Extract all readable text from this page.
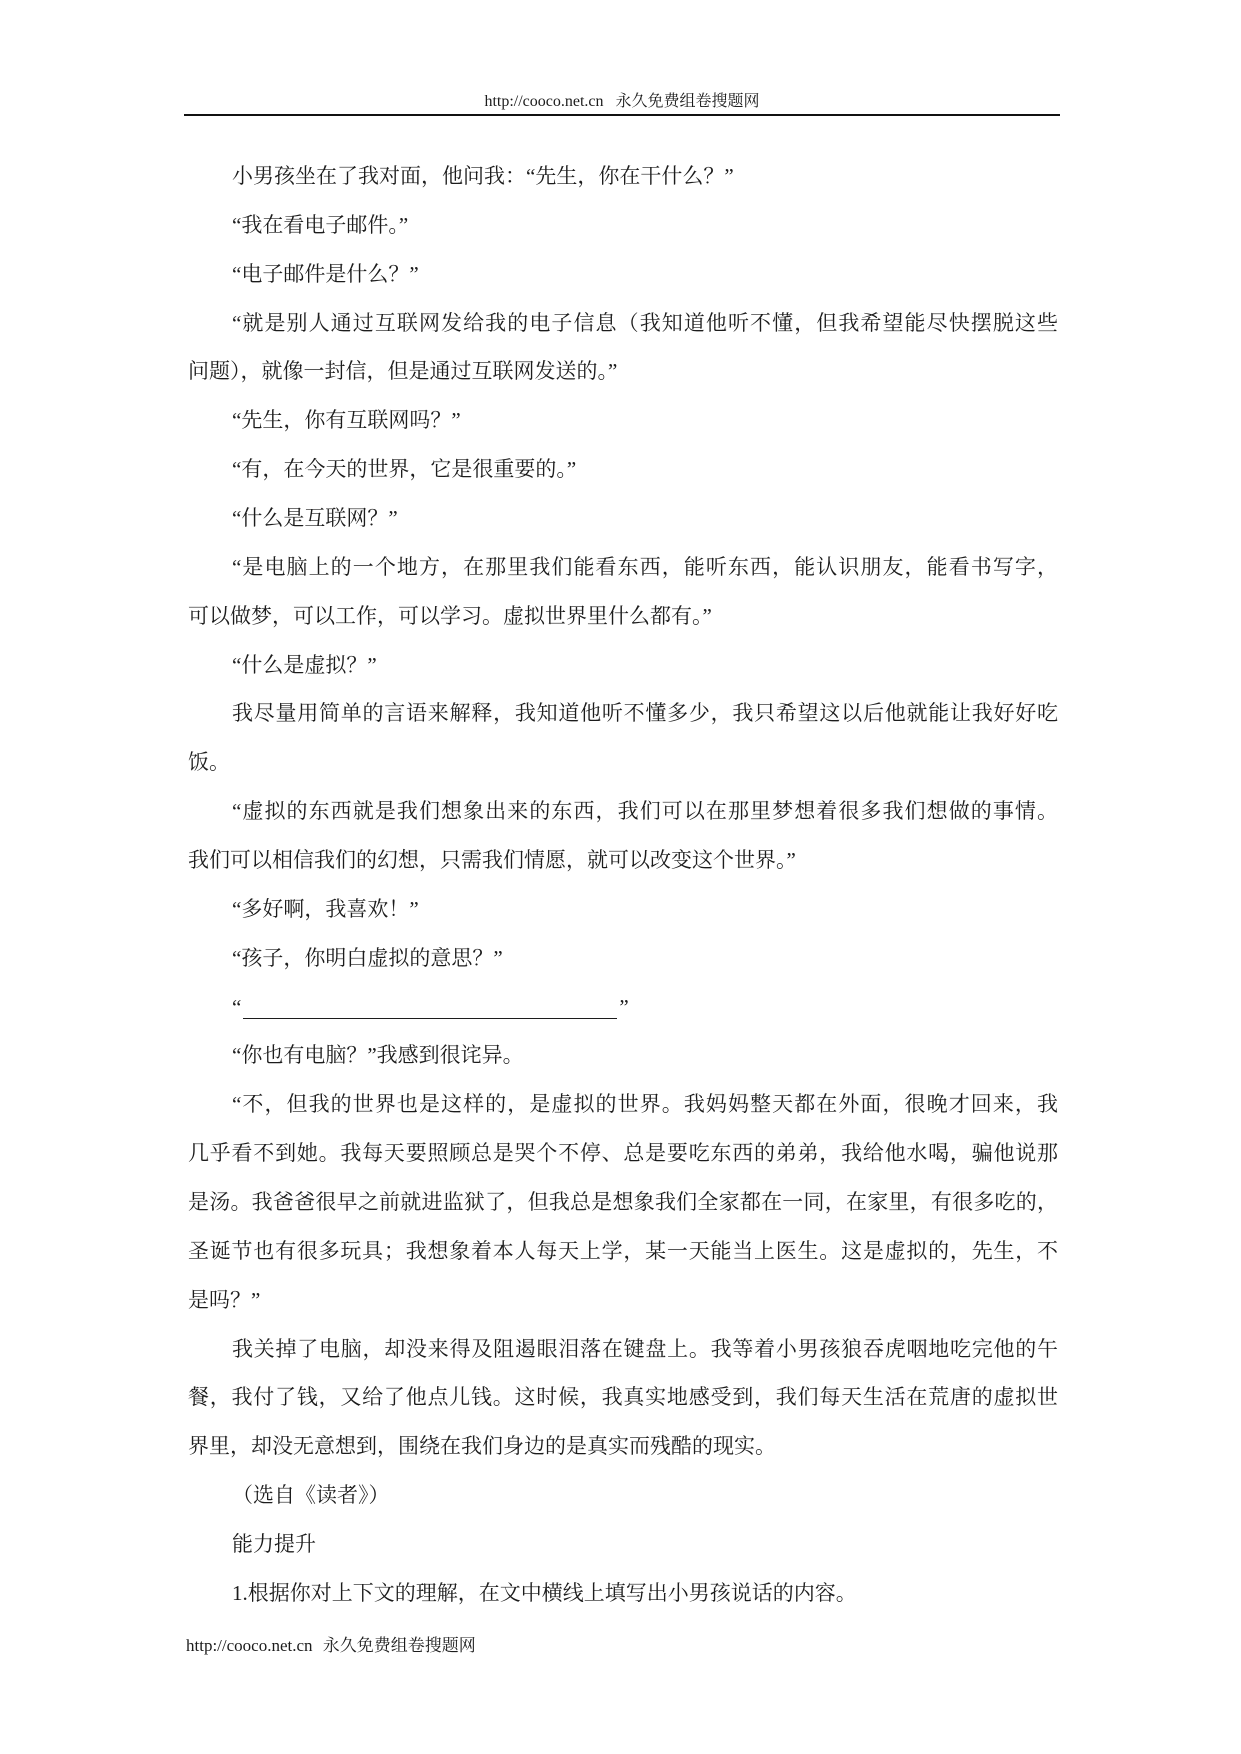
http://cooco.net.cn 永久免费组卷搜题网

小男孩坐在了我对面，他问我：“先生，你在干什么？”

“我在看电子邮件。”

“电子邮件是什么？”

“就是别人通过互联网发给我的电子信息（我知道他听不懂，但我希望能尽快摆脱这些
问题），就像一封信，但是通过互联网发送的。”

“先生，你有互联网吗？”

“有，在今天的世界，它是很重要的。”

“什么是互联网？”

“是电脑上的一个地方，在那里我们能看东西，能听东西，能认识朋友，能看书写字，
可以做梦，可以工作，可以学习。虚拟世界里什么都有。”

“什么是虚拟？”

我尽量用简单的言语来解释，我知道他听不懂多少，我只希望这以后他就能让我好好吃
饭。

“虚拟的东西就是我们想象出来的东西，我们可以在那里梦想着很多我们想做的事情。
我们可以相信我们的幻想，只需我们情愿，就可以改变这个世界。”

“多好啊，我喜欢！”

“孩子，你明白虚拟的意思？”

“	”

“你也有电脑？”我感到很诧异。

“不，但我的世界也是这样的，是虚拟的世界。我妈妈整天都在外面，很晚才回来，我
几乎看不到她。我每天要照顾总是哭个不停、总是要吃东西的弟弟，我给他水喝，骗他说那
是汤。我爸爸很早之前就进监狱了，但我总是想象我们全家都在一同，在家里，有很多吃的，
圣诞节也有很多玩具；我想象着本人每天上学，某一天能当上医生。这是虚拟的，先生，不
是吗？”

我关掉了电脑，却没来得及阻遏眼泪落在键盘上。我等着小男孩狼吞虎咽地吃完他的午
餐，我付了钱，又给了他点儿钱。这时候，我真实地感受到，我们每天生活在荒唐的虚拟世
界里，却没无意想到，围绕在我们身边的是真实而残酷的现实。

（选自《读者》）

能力提升

1.根据你对上下文的理解，在文中横线上填写出小男孩说话的内容。

http://cooco.net.cn 永久免费组卷搜题网
